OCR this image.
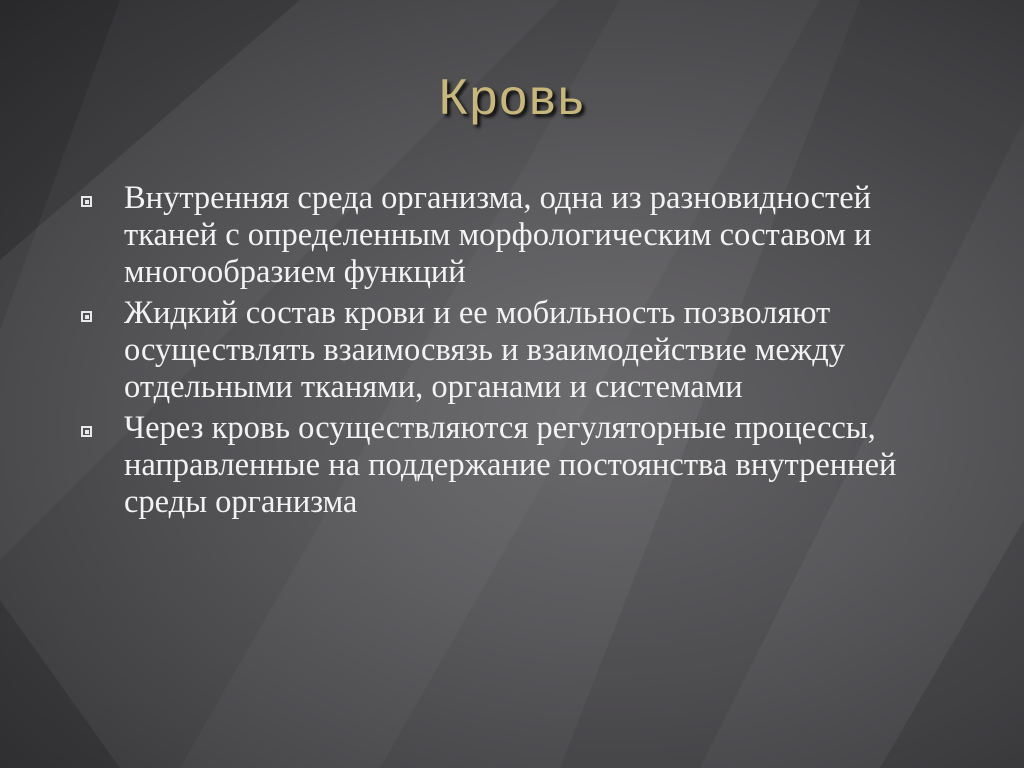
Кровь

Внутренняя среда организма, одна из разновидностей тканей с определенным морфологическим составом и многообразием функций

Жидкий состав крови и ее мобильность позволяют осуществлять взаимосвязь и взаимодействие между отдельными тканями, органами и системами

Через кровь осуществляются регуляторные процессы, направленные на поддержание постоянства внутренней среды организма
